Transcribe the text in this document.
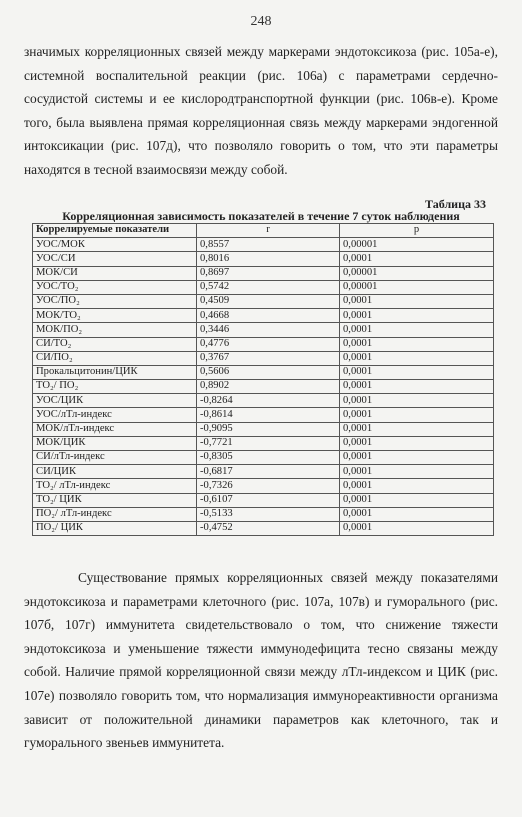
248
значимых корреляционных связей между маркерами эндотоксикоза (рис. 105а-е), системной воспалительной реакции (рис. 106а) с параметрами сердечно-сосудистой системы и ее кислородтранспортной функции (рис. 106в-е). Кроме того, была выявлена прямая корреляционная связь между маркерами эндогенной интоксикации (рис. 107д), что позволяло говорить о том, что эти параметры находятся в тесной взаимосвязи между собой.
Таблица 33
Корреляционная зависимость показателей в течение 7 суток наблюдения
Коррелируемые показатели	r	p
УОС/МОК	0,8557	0,00001
УОС/СИ	0,8016	0,0001
МОК/СИ	0,8697	0,00001
УОС/ТО₂	0,5742	0,00001
УОС/ПО₂	0,4509	0,0001
МОК/ТО₂	0,4668	0,0001
МОК/ПО₂	0,3446	0,0001
СИ/ТО₂	0,4776	0,0001
СИ/ПО₂	0,3767	0,0001
Прокальцитонин/ЦИК	0,5606	0,0001
ТО₂/ ПО₂	0,8902	0,0001
УОС/ЦИК	-0,8264	0,0001
УОС/лТл-индекс	-0,8614	0,0001
МОК/лТл-индекс	-0,9095	0,0001
МОК/ЦИК	-0,7721	0,0001
СИ/лТл-индекс	-0,8305	0,0001
СИ/ЦИК	-0,6817	0,0001
ТО₂/ лТл-индекс	-0,7326	0,0001
ТО₂/ ЦИК	-0,6107	0,0001
ПО₂/ лТл-индекс	-0,5133	0,0001
ПО₂/ ЦИК	-0,4752	0,0001
Существование прямых корреляционных связей между показателями эндотоксикоза и параметрами клеточного (рис. 107а, 107в) и гуморального (рис. 107б, 107г) иммунитета свидетельствовало о том, что снижение тяжести эндотоксикоза и уменьшение тяжести иммунодефицита тесно связаны между собой. Наличие прямой корреляционной связи между лТл-индексом и ЦИК (рис. 107е) позволяло говорить том, что нормализация иммунореактивности организма зависит от положительной динамики параметров как клеточного, так и гуморального звеньев иммунитета.
